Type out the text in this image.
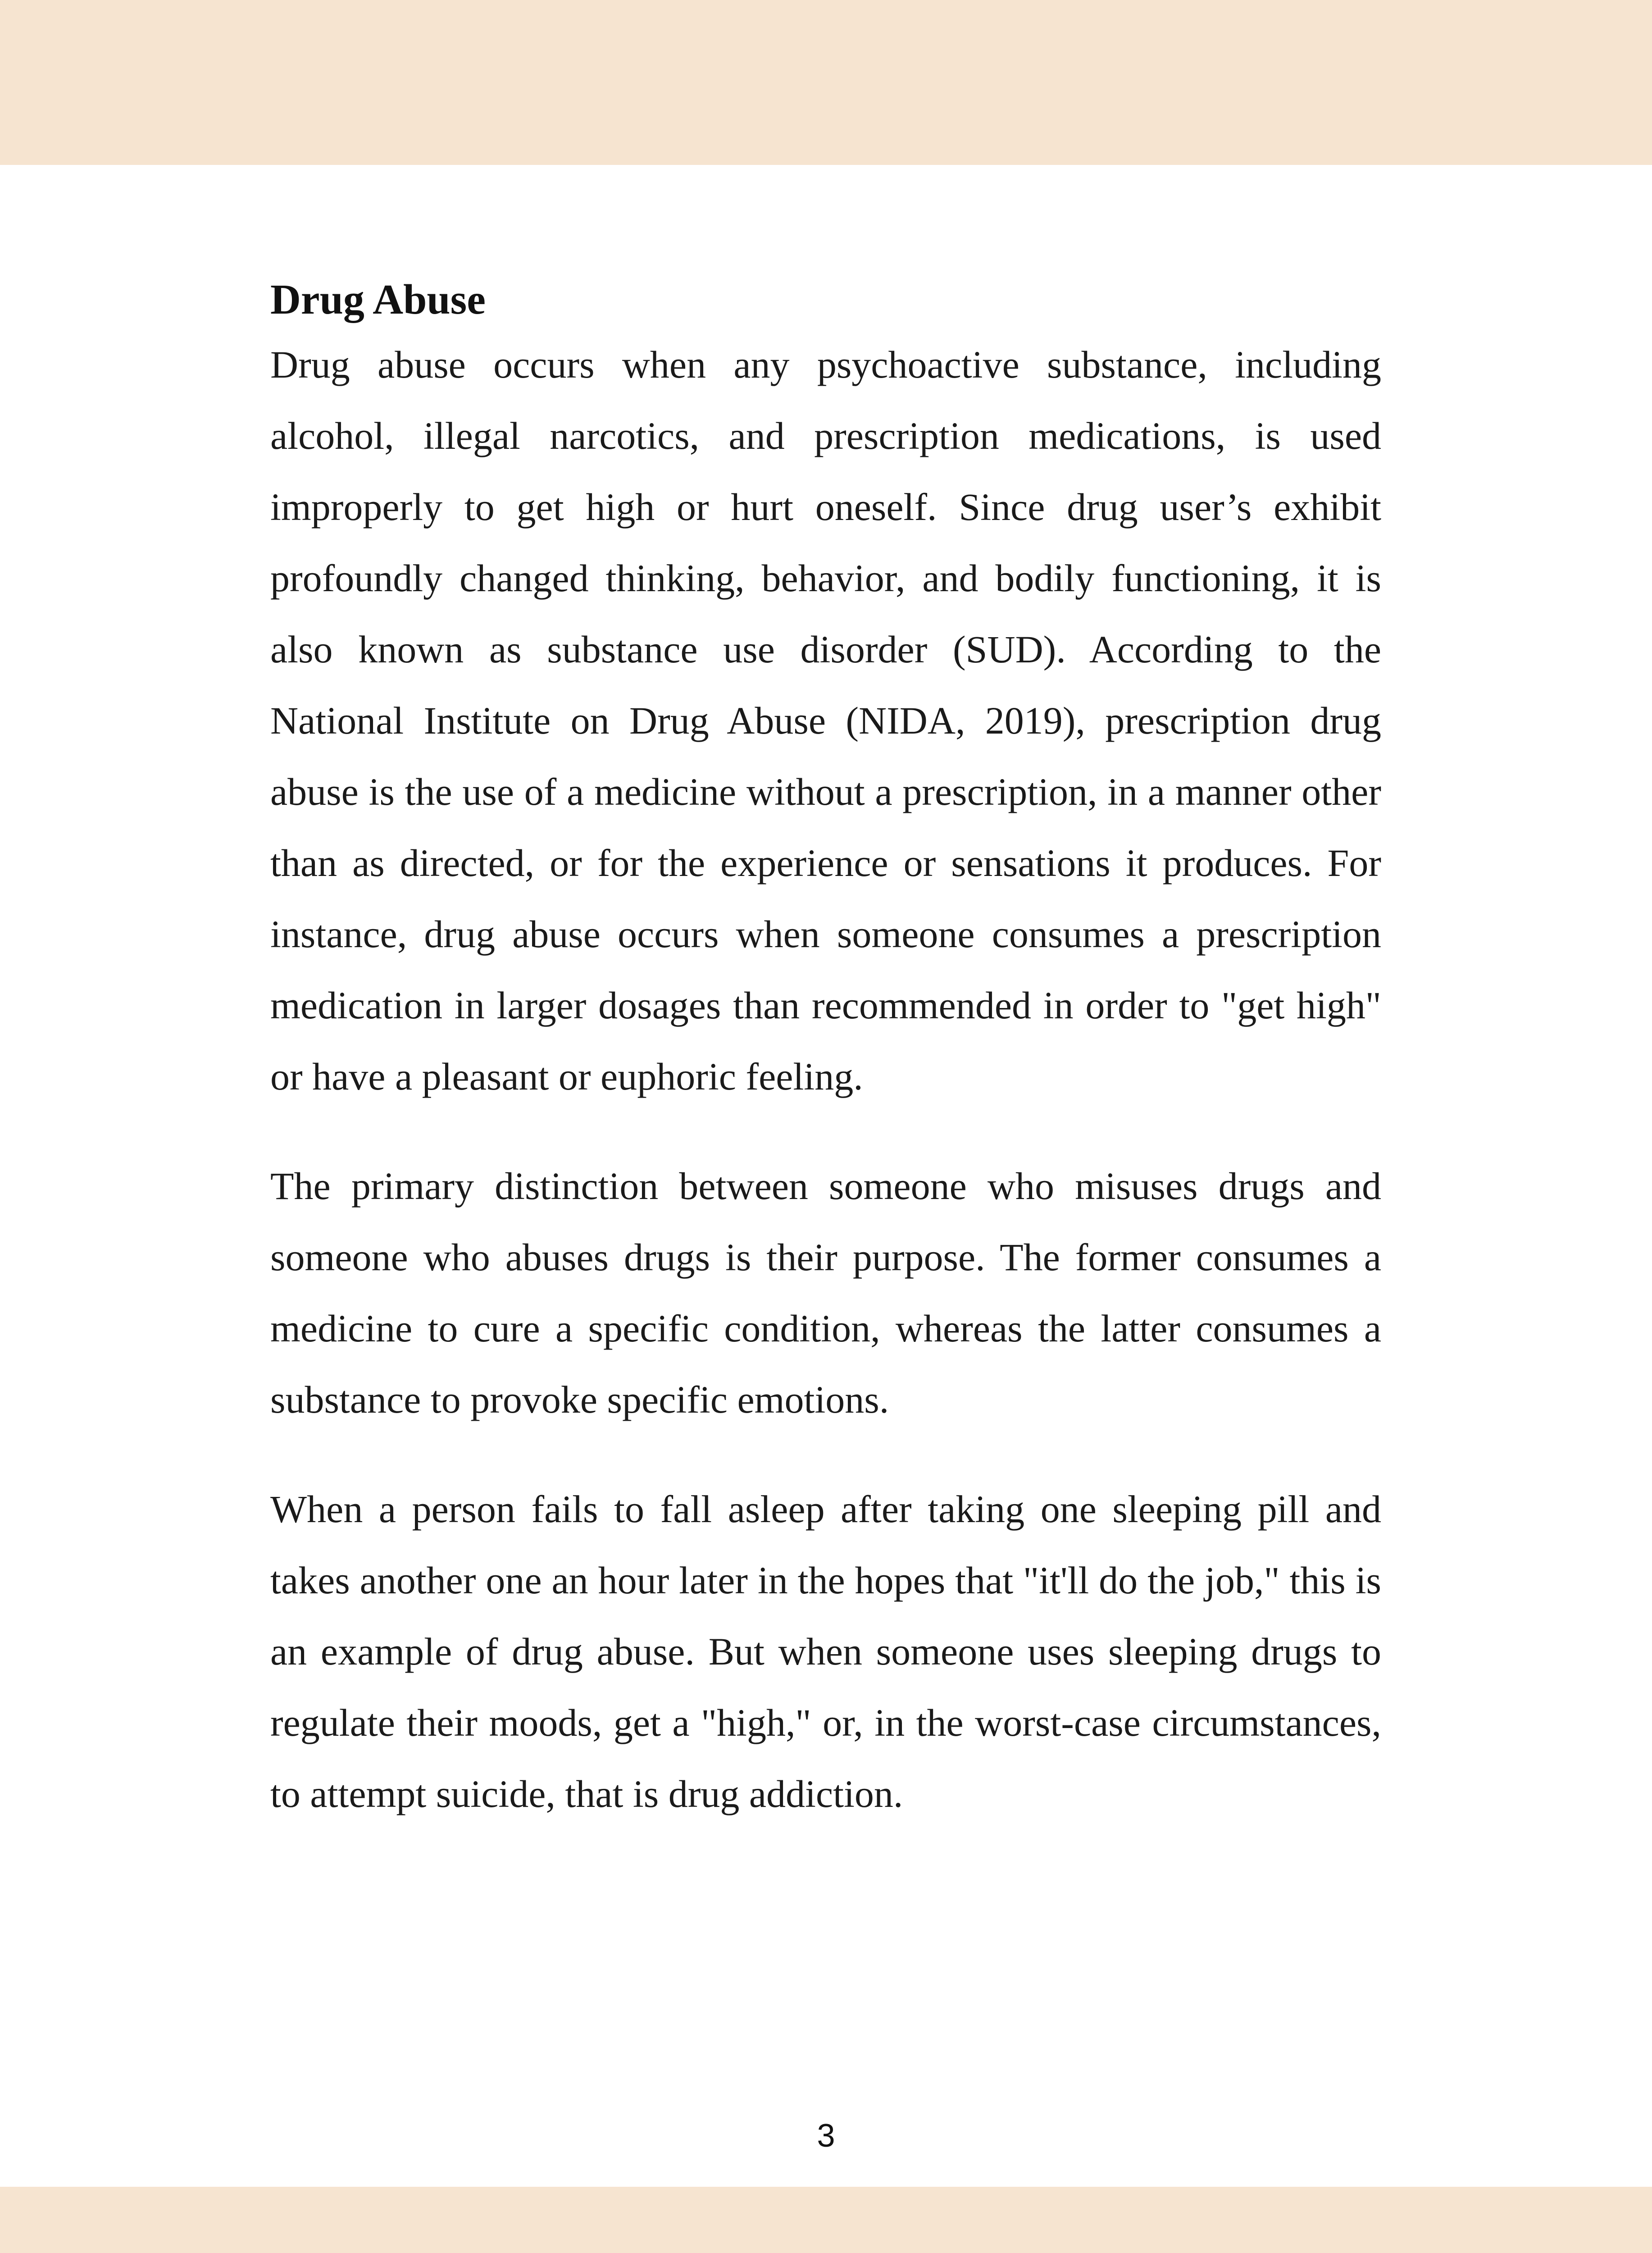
Drug Abuse

Drug abuse occurs when any psychoactive substance, including alcohol, illegal narcotics, and prescription medications, is used improperly to get high or hurt oneself. Since drug user’s exhibit profoundly changed thinking, behavior, and bodily functioning, it is also known as substance use disorder (SUD). According to the National Institute on Drug Abuse (NIDA, 2019), prescription drug abuse is the use of a medicine without a prescription, in a manner other than as directed, or for the experience or sensations it produces. For instance, drug abuse occurs when someone consumes a prescription medication in larger dosages than recommended in order to "get high" or have a pleasant or euphoric feeling.

The primary distinction between someone who misuses drugs and someone who abuses drugs is their purpose. The former consumes a medicine to cure a specific condition, whereas the latter consumes a substance to provoke specific emotions.

When a person fails to fall asleep after taking one sleeping pill and takes another one an hour later in the hopes that "it'll do the job," this is an example of drug abuse. But when someone uses sleeping drugs to regulate their moods, get a "high," or, in the worst-case circumstances, to attempt suicide, that is drug addiction.

3
